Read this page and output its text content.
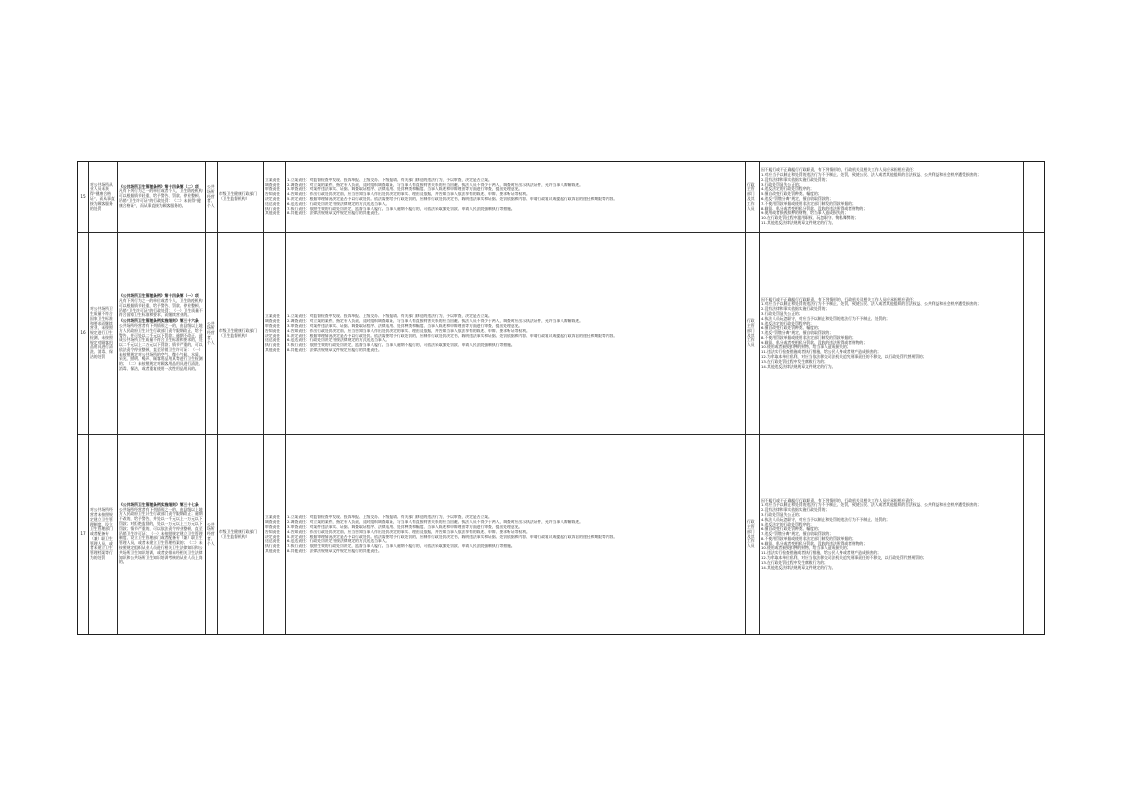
15
对公共场所从业人员未获得“健康合格证”，而从事直接为顾客服务的处罚
《公共场所卫生管理条例》第十四条第（二）项凡有下列行为之一的单位或者个人，卫生防疫机构可以根据情节轻重，给予警告、罚款、停业整顿、吊销“卫生许可证”的行政处罚：（二）未获得“健康合格证”，而从事直接为顾客服务的。
公共场所经营者、个人
市级卫生健康行政部门（卫生监督机构）
立案责任
调查责任
审查责任
告知责任
决定责任
送达责任
执行责任
其他责任
1.立案责任：对监督检查中发现、投诉举报、上级交办、下级报请、有关部门移送的违法行为，予以审查，决定是否立案。
2.调查责任：对立案的案件，指定专人负责，及时组织调查取证，与当事人有直接利害关系的应当回避。执法人员不得少于两人，调查时应出示执法证件，允许当事人辩解陈述。
3.审查责任：对案件违法事实、证据、调查取证程序、法律适用、处罚种类和幅度、当事人陈述和申辩理由等方面进行审查，提出处理意见。
4.告知责任：作出行政处罚决定前，应当告知当事人作出处罚决定的事实、理由及依据，并告知当事人依法享有的陈述、申辩、要求听证等权利。
5.决定责任：根据审理情况决定是否予以行政处罚。依法需要给予行政处罚的，应制作行政处罚决定书，载明违法事实和证据、处罚依据和内容、申请行政复议或提起行政诉讼的途径和期限等内容。
6.送达责任：行政处罚决定书按法律规定的方式送达当事人。
7.执行责任：依照生效的行政处罚决定，监督当事人履行。当事人逾期不履行的，可依法采取加处罚款、申请人民法院强制执行等措施。
8.其他责任：法律法规规章文件规定应履行的其他责任。
行政主管部门及其工作人员
因不履行或不正确履行行政职责，有下列情形的，行政机关及相关工作人员应承担相应责任：
1.对应当予以制止和处罚的违法行为不予制止、处罚，致使公民、法人或者其他组织的合法权益、公共利益和社会秩序遭受损害的；
2.没有法律和事实依据实施行政处罚的；
3.行政处罚显失公正的；
4.违反法定的行政处罚程序的；
5.擅自改变行政处罚种类、幅度的；
6.违反“罚缴分离”规定，擅自收取罚款的；
7.不使用罚款单据或使用非法定部门制发的罚款单据的；
8.截留、私分或者变相私分罚款、没收的违法所得或者财物的；
9.使用或者损毁扣押的财物，给当事人造成损失的；
10.在行政处罚过程中滥用职权、玩忽职守、徇私舞弊的；
11.其他违反法律法规规章文件规定的行为。
16
对公共场所卫生质量不符合国家卫生标准和要求而继续营业，未按照规定进行卫生检测，未按照规定对顾客用品用具进行清洗、消毒、保洁的处罚
《公共场所卫生管理条例》第十四条第（一）项凡有下列行为之一的单位或者个人，卫生防疫机构可以根据情节轻重，给予警告、罚款、停业整顿、吊销“卫生许可证”的行政处罚：（一）卫生质量不符合国家卫生标准和要求，而继续营业的。
《公共场所卫生管理条例实施细则》第三十六条公共场所经营者有下列情形之一的，由县级以上地方人民政府卫生计生行政部门责令限期改正，给予警告，并可处以二千元以下罚款；逾期不改正，造成公共场所卫生质量不符合卫生标准和要求的，处以二千元以上二万元以下罚款；情节严重的，可以依法责令停业整顿，直至吊销卫生许可证：（一）未按照规定对公共场所的空气、微小气候、水质、采光、照明、噪声、顾客用品用具等进行卫生检测的；（二）未按照规定对顾客用品用具进行清洗、消毒、保洁，或者重复使用一次性用品用具的。
公共场所经营者、个人
市级卫生健康行政部门（卫生监督机构）
立案责任
调查责任
审查责任
告知责任
决定责任
送达责任
执行责任
其他责任
1.立案责任：对监督检查中发现、投诉举报、上级交办、下级报请、有关部门移送的违法行为，予以审查，决定是否立案。
2.调查责任：对立案的案件，指定专人负责，及时组织调查取证，与当事人有直接利害关系的应当回避。执法人员不得少于两人，调查时应出示执法证件，允许当事人辩解陈述。
3.审查责任：对案件违法事实、证据、调查取证程序、法律适用、处罚种类和幅度、当事人陈述和申辩理由等方面进行审查，提出处理意见。
4.告知责任：作出行政处罚决定前，应当告知当事人作出处罚决定的事实、理由及依据，并告知当事人依法享有的陈述、申辩、要求听证等权利。
5.决定责任：根据审理情况决定是否予以行政处罚。依法需要给予行政处罚的，应制作行政处罚决定书，载明违法事实和证据、处罚依据和内容、申请行政复议或提起行政诉讼的途径和期限等内容。
6.送达责任：行政处罚决定书按法律规定的方式送达当事人。
7.执行责任：依照生效的行政处罚决定，监督当事人履行。当事人逾期不履行的，可依法采取加处罚款、申请人民法院强制执行等措施。
8.其他责任：法律法规规章文件规定应履行的其他责任。
行政主管部门及其工作人员
因不履行或不正确履行行政职责，有下列情形的，行政机关及相关工作人员应承担相应责任：
1.对应当予以制止和处罚的违法行为不予制止、处罚，致使公民、法人或者其他组织的合法权益、公共利益和社会秩序遭受损害的；
2.没有法律和事实依据实施行政处罚的；
3.行政处罚显失公正的；
4.执法人员玩忽职守，对应当予以制止和处罚的违法行为不予制止、处罚的；
5.违反法定的行政处罚程序的；
6.擅自改变行政处罚种类、幅度的；
7.违反“罚缴分离”规定，擅自收取罚款的；
8.不使用罚款单据或使用非法定部门制发的罚款单据的；
9.截留、私分或者变相私分罚款、没收的违法所得或者财物的；
10.使用或者损毁扣押的财物，给当事人造成损失的；
11.违法实行检查措施或者执行措施，给公民人身或者财产造成损害的；
12.为牟取本单位私利，对应当依法移交司法机关追究刑事责任的不移交，以行政处罚代替刑罚的；
13.在行政处罚过程中发生腐败行为的；
14.其他违反法律法规规章文件规定的行为。
17
对公共场所经营者未按照规定建立卫生管理制度、设立卫生管理部门或者配备专（兼）职卫生管理人员，或者未建立卫生管理档案等行为的处罚
《公共场所卫生管理条例实施细则》第三十七条公共场所经营者有下列情形之一的，由县级以上地方人民政府卫生计生行政部门责令限期改正；逾期不改的，给予警告，并处以一千元以上一万元以下罚款；对拒绝监督的，处以一万元以上三万元以下罚款；情节严重的，可以依法责令停业整顿，直至吊销卫生许可证：（一）未按照规定建立卫生管理制度、设立卫生管理部门或者配备专（兼）职卫生管理人员，或者未建立卫生管理档案的；（二）未按照规定组织从业人员进行相关卫生法律知识和公共场所卫生知识培训，或者安排未经相关卫生法律知识和公共场所卫生知识培训考核的从业人员上岗的。
公共场所经营者、个人
市级卫生健康行政部门（卫生监督机构）
立案责任
调查责任
审查责任
告知责任
决定责任
送达责任
执行责任
其他责任
1.立案责任：对监督检查中发现、投诉举报、上级交办、下级报请、有关部门移送的违法行为，予以审查，决定是否立案。
2.调查责任：对立案的案件，指定专人负责，及时组织调查取证，与当事人有直接利害关系的应当回避。执法人员不得少于两人，调查时应出示执法证件，允许当事人辩解陈述。
3.审查责任：对案件违法事实、证据、调查取证程序、法律适用、处罚种类和幅度、当事人陈述和申辩理由等方面进行审查，提出处理意见。
4.告知责任：作出行政处罚决定前，应当告知当事人作出处罚决定的事实、理由及依据，并告知当事人依法享有的陈述、申辩、要求听证等权利。
5.决定责任：根据审理情况决定是否予以行政处罚。依法需要给予行政处罚的，应制作行政处罚决定书，载明违法事实和证据、处罚依据和内容、申请行政复议或提起行政诉讼的途径和期限等内容。
6.送达责任：行政处罚决定书按法律规定的方式送达当事人。
7.执行责任：依照生效的行政处罚决定，监督当事人履行。当事人逾期不履行的，可依法采取加处罚款、申请人民法院强制执行等措施。
8.其他责任：法律法规规章文件规定应履行的其他责任。
行政主管部门及其工作人员
因不履行或不正确履行行政职责，有下列情形的，行政机关及相关工作人员应承担相应责任：
1.对应当予以制止和处罚的违法行为不予制止、处罚，致使公民、法人或者其他组织的合法权益、公共利益和社会秩序遭受损害的；
2.没有法律和事实依据实施行政处罚的；
3.行政处罚显失公正的；
4.执法人员玩忽职守，对应当予以制止和处罚的违法行为不予制止、处罚的；
5.违反法定的行政处罚程序的；
6.擅自改变行政处罚种类、幅度的；
7.违反“罚缴分离”规定，擅自收取罚款的；
8.不使用罚款单据或使用非法定部门制发的罚款单据的；
9.截留、私分或者变相私分罚款、没收的违法所得或者财物的；
10.使用或者损毁扣押的财物，给当事人造成损失的；
11.违法实行检查措施或者执行措施，给公民人身或者财产造成损害的；
12.为牟取本单位私利，对应当依法移交司法机关追究刑事责任的不移交，以行政处罚代替刑罚的；
13.在行政处罚过程中发生腐败行为的；
14.其他违反法律法规规章文件规定的行为。
